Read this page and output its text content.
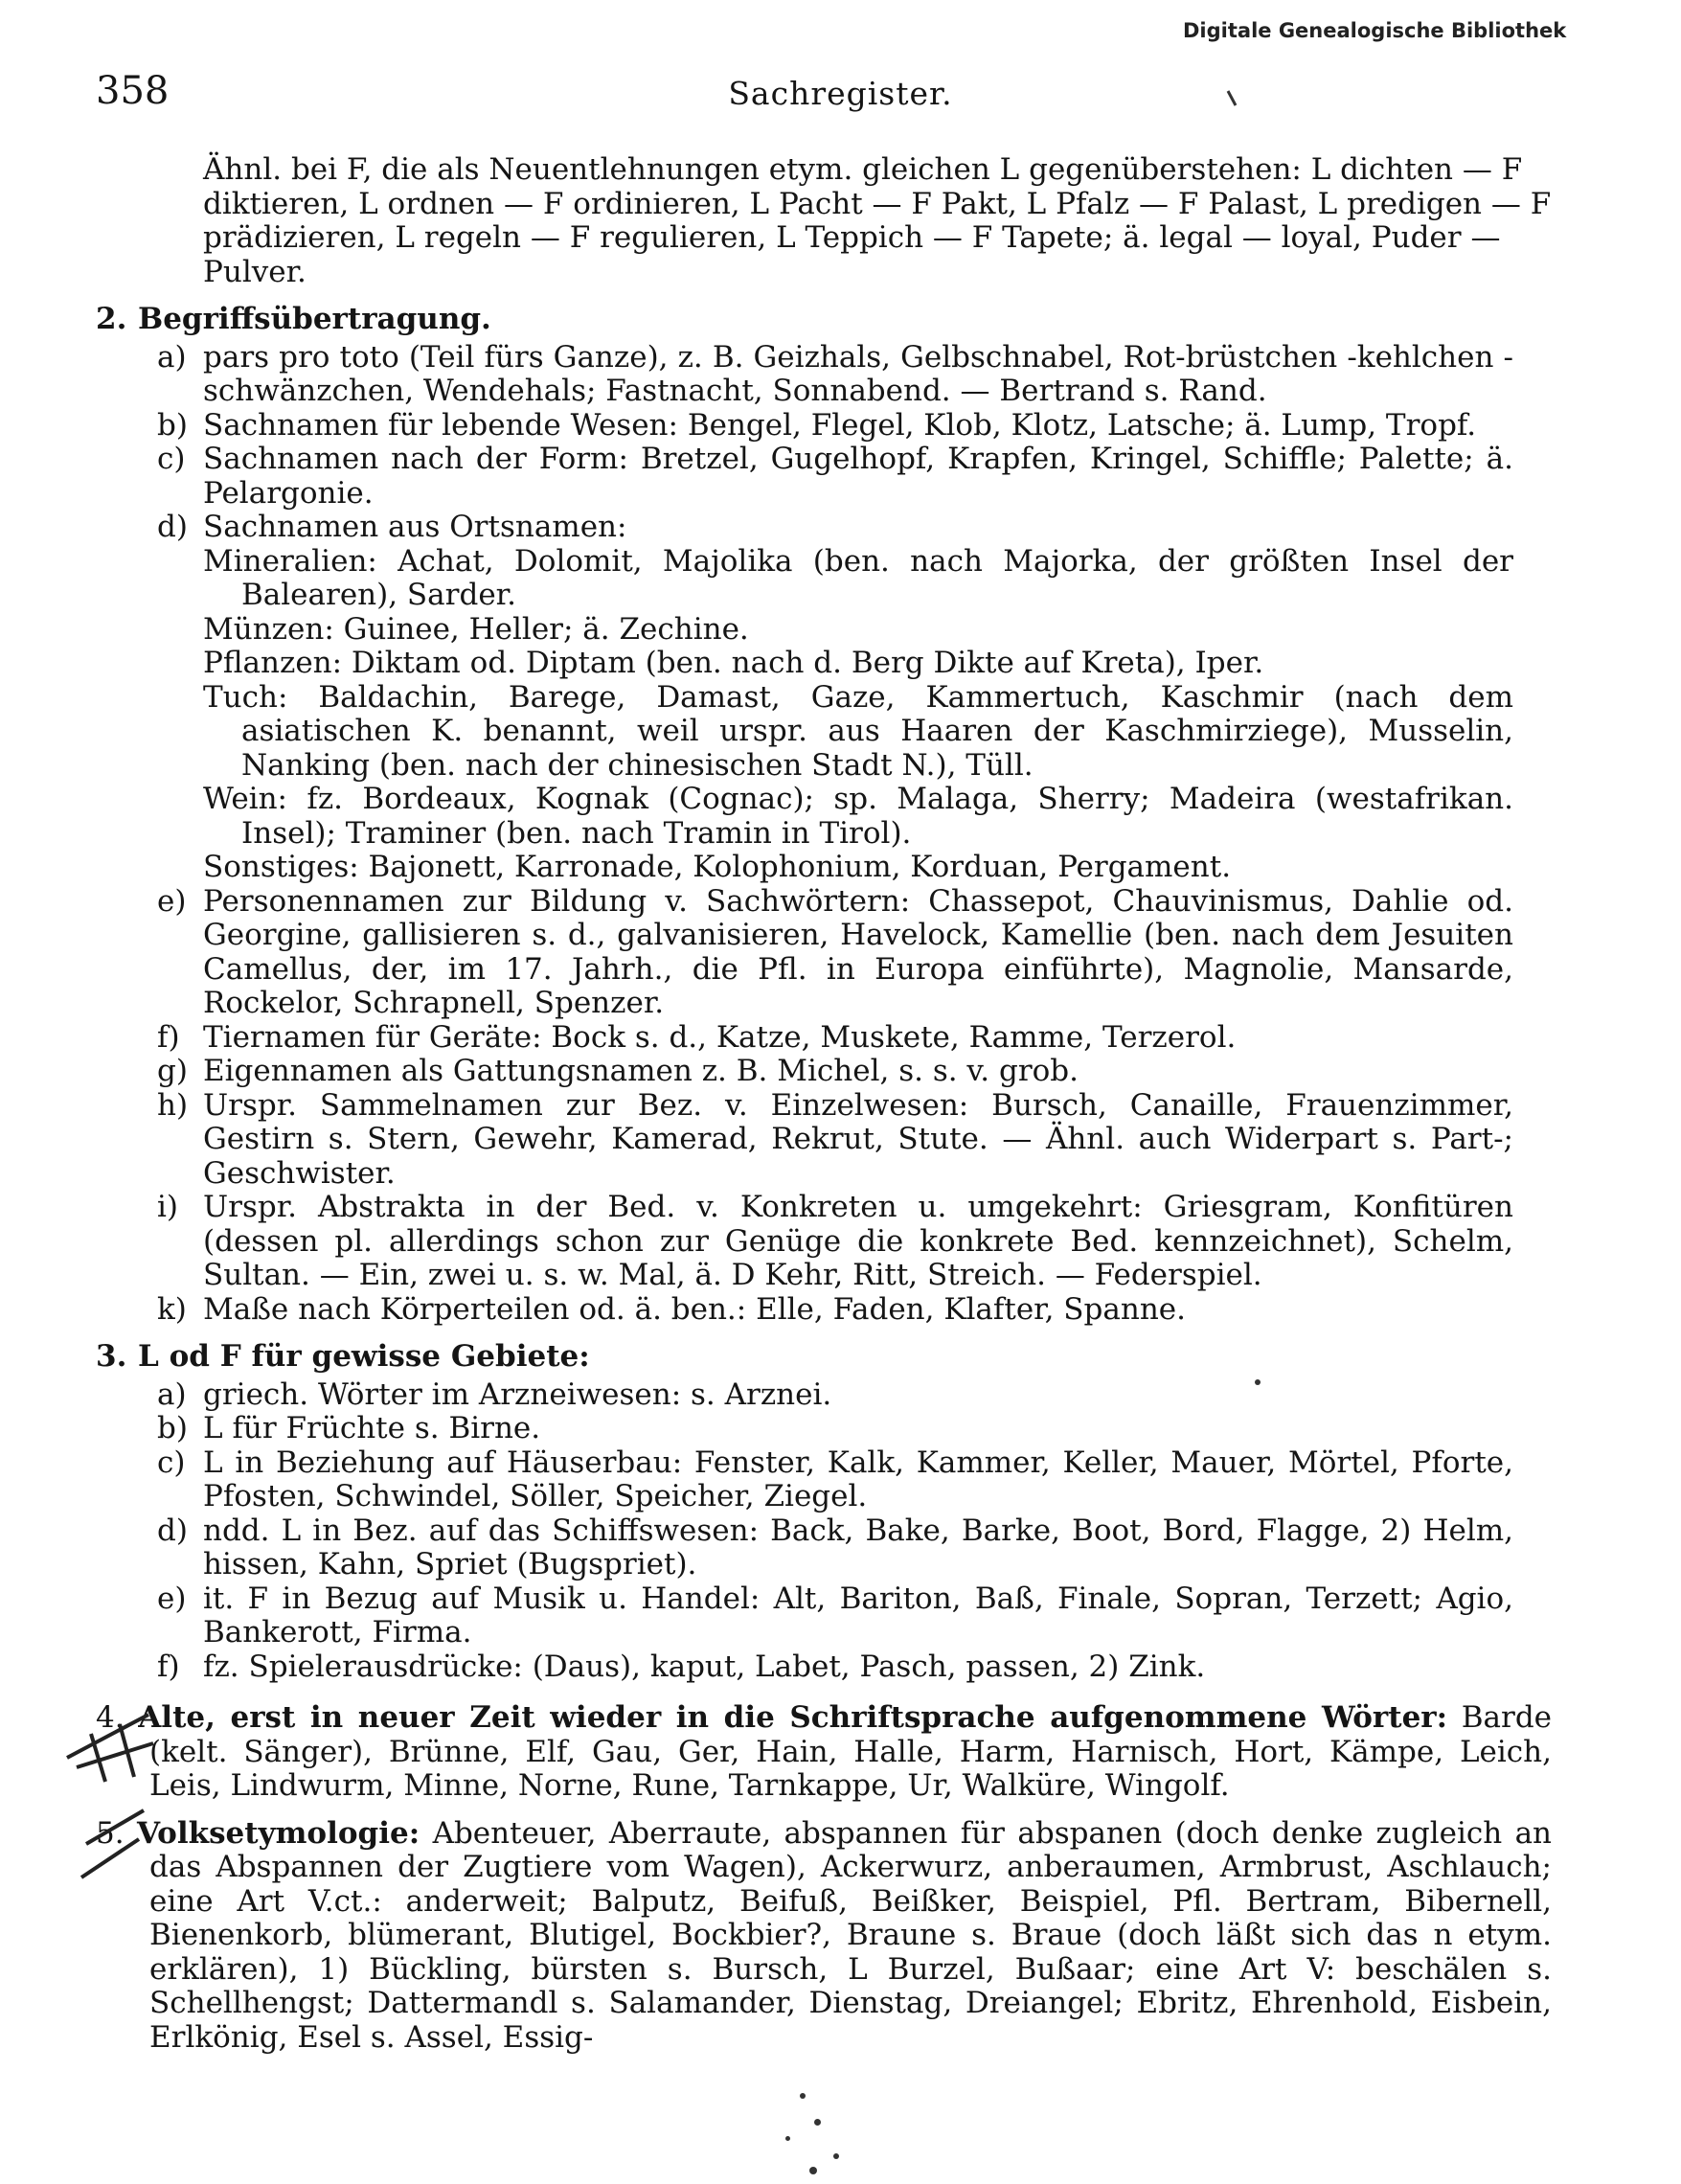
Digitale Genealogische Bibliothek
358	Sachregister.

Ähnl. bei F, die als Neuentlehnungen etym. gleichen L gegenüberstehen: L dichten — F diktieren, L ordnen — F ordinieren, L Pacht — F Pakt, L Pfalz — F Palast, L predigen — F prädizieren, L regeln — F regulieren, L Teppich — F Tapete; ä. legal — loyal, Puder — Pulver.

2. Begriffsübertragung.
a) pars pro toto (Teil fürs Ganze), z. B. Geizhals, Gelbschnabel, Rot-brüstchen -kehlchen -schwänzchen, Wendehals; Fastnacht, Sonnabend. — Bertrand s. Rand.
b) Sachnamen für lebende Wesen: Bengel, Flegel, Klob, Klotz, Latsche; ä. Lump, Tropf.
c) Sachnamen nach der Form: Bretzel, Gugelhopf, Krapfen, Kringel, Schiffle; Palette; ä. Pelargonie.
d) Sachnamen aus Ortsnamen:
Mineralien: Achat, Dolomit, Majolika (ben. nach Majorka, der größten Insel der Balearen), Sarder.
Münzen: Guinee, Heller; ä. Zechine.
Pflanzen: Diktam od. Diptam (ben. nach d. Berg Dikte auf Kreta), Iper.
Tuch: Baldachin, Barege, Damast, Gaze, Kammertuch, Kaschmir (nach dem asiatischen K. benannt, weil urspr. aus Haaren der Kaschmirziege), Musselin, Nanking (ben. nach der chinesischen Stadt N.), Tüll.
Wein: fz. Bordeaux, Kognak (Cognac); sp. Malaga, Sherry; Madeira (westafrikan. Insel); Traminer (ben. nach Tramin in Tirol).
Sonstiges: Bajonett, Karronade, Kolophonium, Korduan, Pergament.
e) Personennamen zur Bildung v. Sachwörtern: Chassepot, Chauvinismus, Dahlie od. Georgine, gallisieren s. d., galvanisieren, Havelock, Kamellie (ben. nach dem Jesuiten Camellus, der, im 17. Jahrh., die Pfl. in Europa einführte), Magnolie, Mansarde, Rockelor, Schrapnell, Spenzer.
f) Tiernamen für Geräte: Bock s. d., Katze, Muskete, Ramme, Terzerol.
g) Eigennamen als Gattungsnamen z. B. Michel, s. s. v. grob.
h) Urspr. Sammelnamen zur Bez. v. Einzelwesen: Bursch, Canaille, Frauenzimmer, Gestirn s. Stern, Gewehr, Kamerad, Rekrut, Stute. — Ähnl. auch Widerpart s. Part-; Geschwister.
i) Urspr. Abstrakta in der Bed. v. Konkreten u. umgekehrt: Griesgram, Konfitüren (dessen pl. allerdings schon zur Genüge die konkrete Bed. kennzeichnet), Schelm, Sultan. — Ein, zwei u. s. w. Mal, ä. D Kehr, Ritt, Streich. — Federspiel.
k) Maße nach Körperteilen od. ä. ben.: Elle, Faden, Klafter, Spanne.
3. L od F für gewisse Gebiete:
a) griech. Wörter im Arzneiwesen: s. Arznei.
b) L für Früchte s. Birne.
c) L in Beziehung auf Häuserbau: Fenster, Kalk, Kammer, Keller, Mauer, Mörtel, Pforte, Pfosten, Schwindel, Söller, Speicher, Ziegel.
d) ndd. L in Bez. auf das Schiffswesen: Back, Bake, Barke, Boot, Bord, Flagge, 2) Helm, hissen, Kahn, Spriet (Bugspriet).
e) it. F in Bezug auf Musik u. Handel: Alt, Bariton, Baß, Finale, Sopran, Terzett; Agio, Bankerott, Firma.
f) fz. Spielerausdrücke: (Daus), kaput, Labet, Pasch, passen, 2) Zink.

4. Alte, erst in neuer Zeit wieder in die Schriftsprache aufgenommene Wörter: Barde (kelt. Sänger), Brünne, Elf, Gau, Ger, Hain, Halle, Harm, Harnisch, Hort, Kämpe, Leich, Leis, Lindwurm, Minne, Norne, Rune, Tarnkappe, Ur, Walküre, Wingolf.

5. Volksetymologie: Abenteuer, Aberraute, abspannen für abspanen (doch denke zugleich an das Abspannen der Zugtiere vom Wagen), Ackerwurz, anberaumen, Armbrust, Aschlauch; eine Art V.ct.: anderweit; Balputz, Beifuß, Beißker, Beispiel, Pfl. Bertram, Bibernell, Bienenkorb, blümerant, Blutigel, Bockbier?, Braune s. Braue (doch läßt sich das n etym. erklären), 1) Bückling, bürsten s. Bursch, L Burzel, Bußaar; eine Art V: beschälen s. Schellhengst; Dattermandl s. Salamander, Dienstag, Dreiangel; Ebritz, Ehrenhold, Eisbein, Erlkönig, Esel s. Assel, Essig-
